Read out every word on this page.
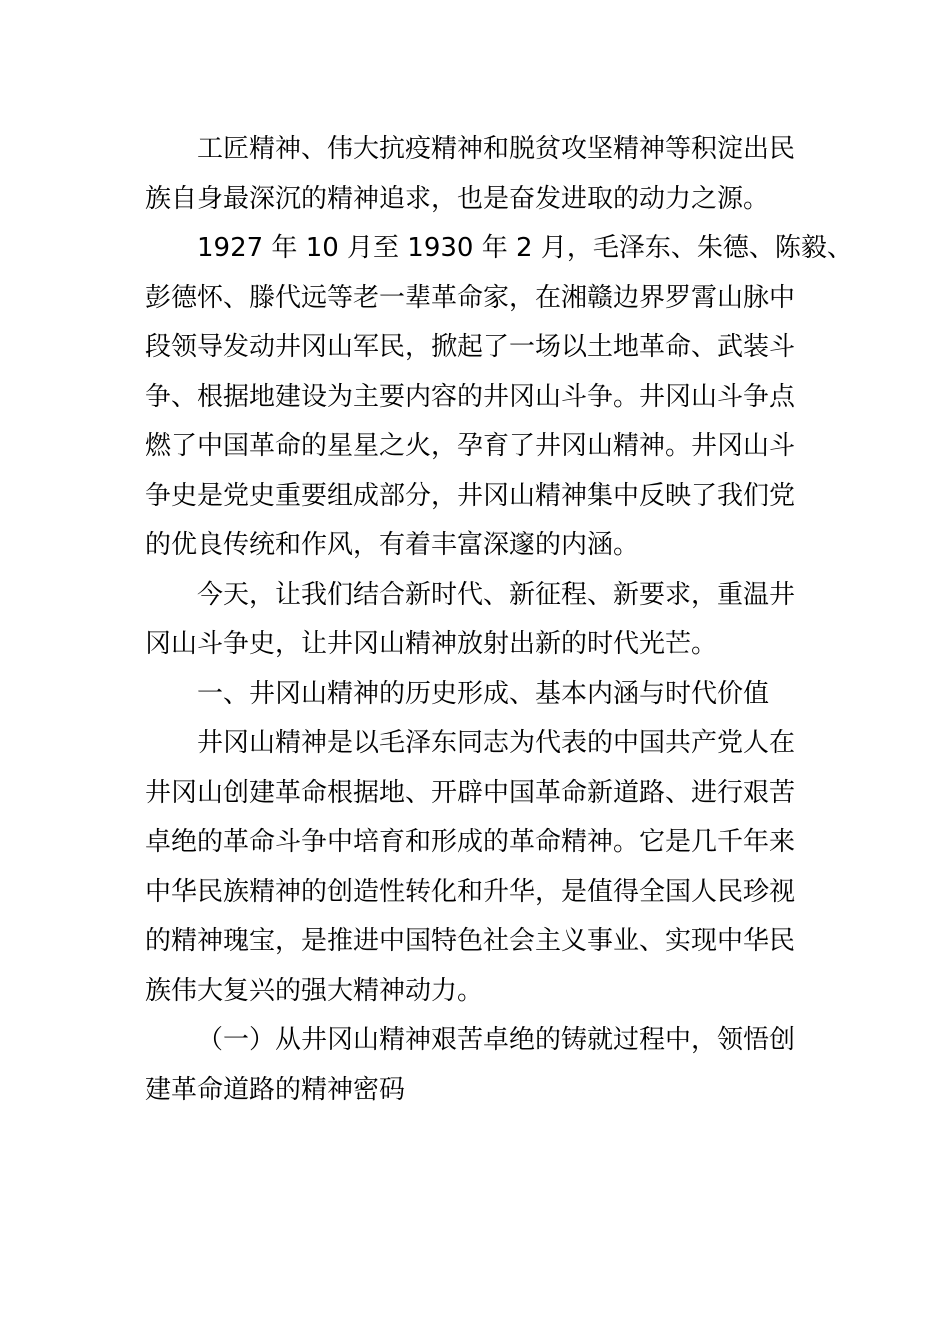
工匠精神、伟大抗疫精神和脱贫攻坚精神等积淀出民
族自身最深沉的精神追求，也是奋发进取的动力之源。
1927 年 10 月至 1930 年 2 月，毛泽东、朱德、陈毅、
彭德怀、滕代远等老一辈革命家，在湘赣边界罗霄山脉中
段领导发动井冈山军民，掀起了一场以土地革命、武装斗
争、根据地建设为主要内容的井冈山斗争。井冈山斗争点
燃了中国革命的星星之火，孕育了井冈山精神。井冈山斗
争史是党史重要组成部分，井冈山精神集中反映了我们党
的优良传统和作风，有着丰富深邃的内涵。
今天，让我们结合新时代、新征程、新要求，重温井
冈山斗争史，让井冈山精神放射出新的时代光芒。
一、井冈山精神的历史形成、基本内涵与时代价值
井冈山精神是以毛泽东同志为代表的中国共产党人在
井冈山创建革命根据地、开辟中国革命新道路、进行艰苦
卓绝的革命斗争中培育和形成的革命精神。它是几千年来
中华民族精神的创造性转化和升华，是值得全国人民珍视
的精神瑰宝，是推进中国特色社会主义事业、实现中华民
族伟大复兴的强大精神动力。
（一）从井冈山精神艰苦卓绝的铸就过程中，领悟创
建革命道路的精神密码
